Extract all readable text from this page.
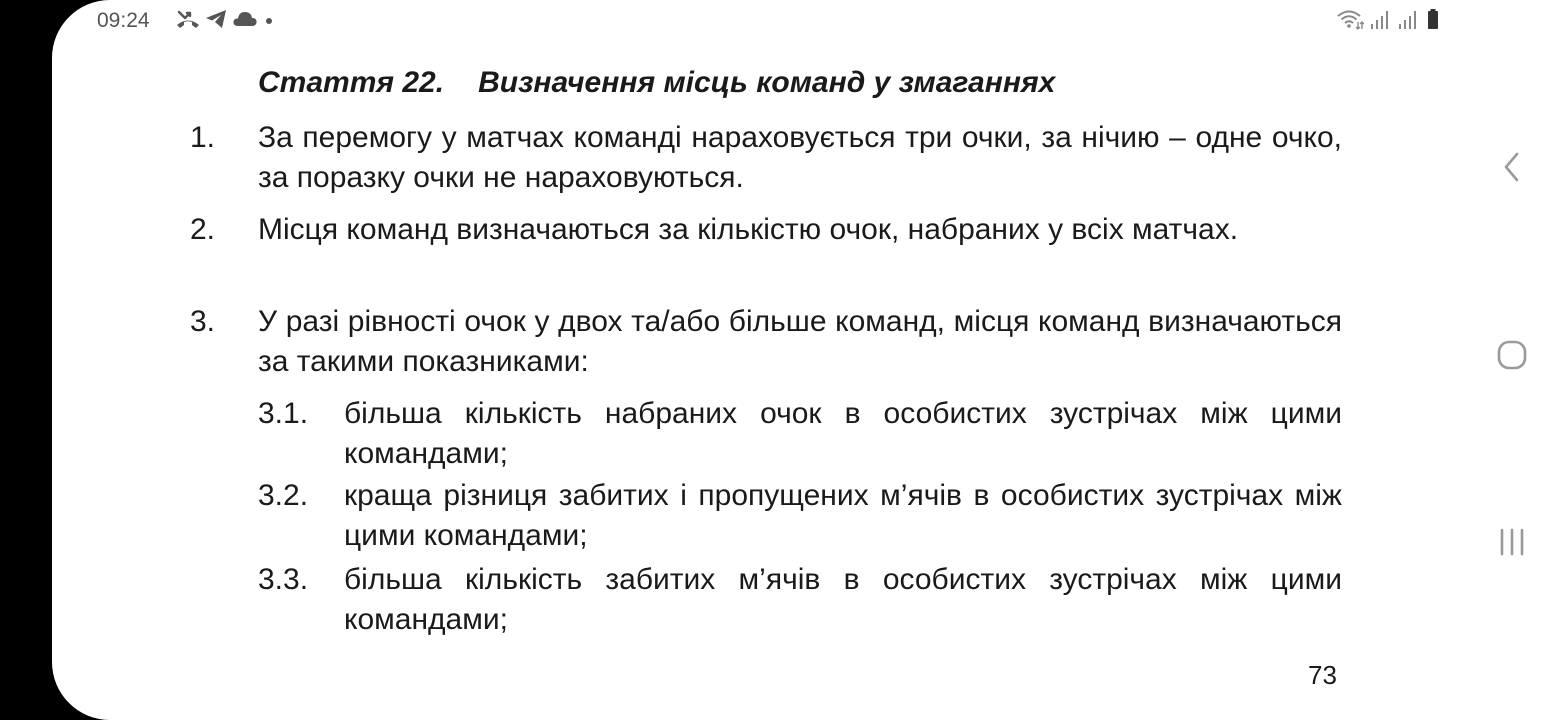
09:24
Стаття 22. Визначення місць команд у змаганнях
1. За перемогу у матчах команді нараховується три очки, за нічию – одне очко, за поразку очки не нараховуються.
2. Місця команд визначаються за кількістю очок, набраних у всіх матчах.
3. У разі рівності очок у двох та/або більше команд, місця команд визначаються за такими показниками:
3.1. більша кількість набраних очок в особистих зустрічах між цими командами;
3.2. краща різниця забитих і пропущених м’ячів в особистих зустрічах між цими командами;
3.3. більша кількість забитих м’ячів в особистих зустрічах між цими командами;
73
